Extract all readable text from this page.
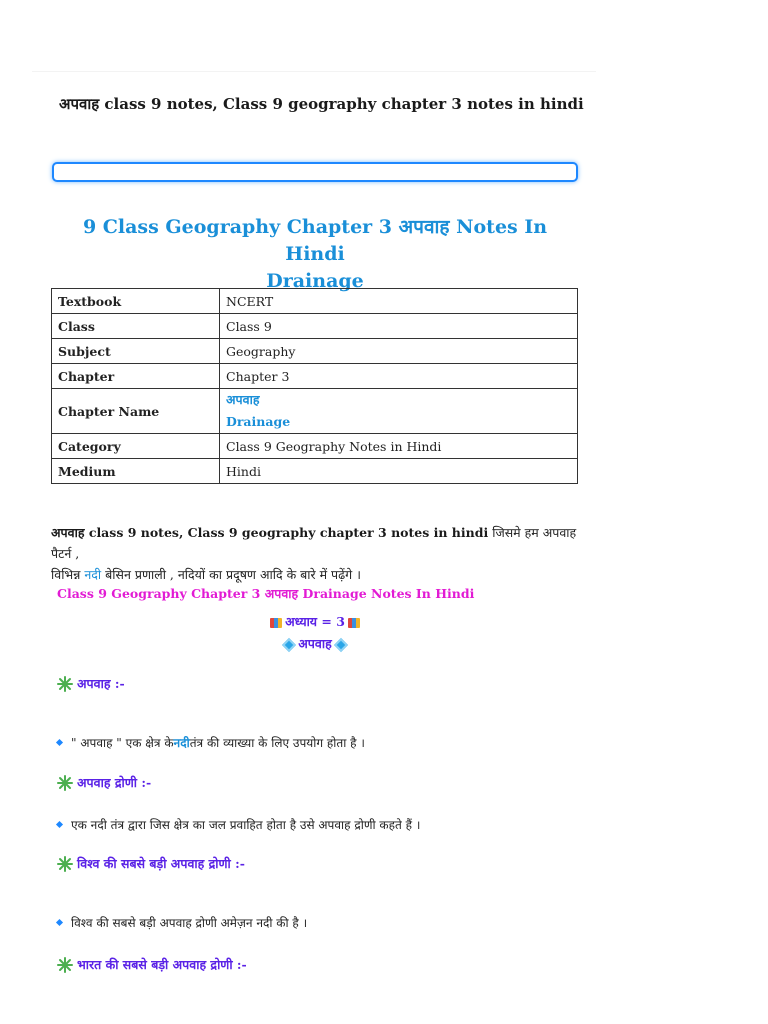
अपवाह class 9 notes, Class 9 geography chapter 3 notes in hindi
9 Class Geography Chapter 3 अपवाह Notes In Hindi
Drainage
Textbook	NCERT
Class	Class 9
Subject	Geography
Chapter	Chapter 3
Chapter Name	अपवाह
Drainage

Category	Class 9 Geography Notes in Hindi
Medium	Hindi
अपवाह class 9 notes, Class 9 geography chapter 3 notes in hindi जिसमे हम अपवाह पैटर्न ,
विभिन्न नदी बेसिन प्रणाली , नदियों का प्रदूषण आदि के बारे में पढ़ेंगे ।
Class 9 Geography Chapter 3 अपवाह Drainage Notes In Hindi
अध्याय = 3
अपवाह
अपवाह :-
" अपवाह " एक क्षेत्र के नदी तंत्र की व्याख्या के लिए उपयोग होता है ।
अपवाह द्रोणी :-
एक नदी तंत्र द्वारा जिस क्षेत्र का जल प्रवाहित होता है उसे अपवाह द्रोणी कहते हैं ।
विश्व की सबसे बड़ी अपवाह द्रोणी :-
विश्व की सबसे बड़ी अपवाह द्रोणी अमेज़न नदी की है ।
भारत की सबसे बड़ी अपवाह द्रोणी :-
